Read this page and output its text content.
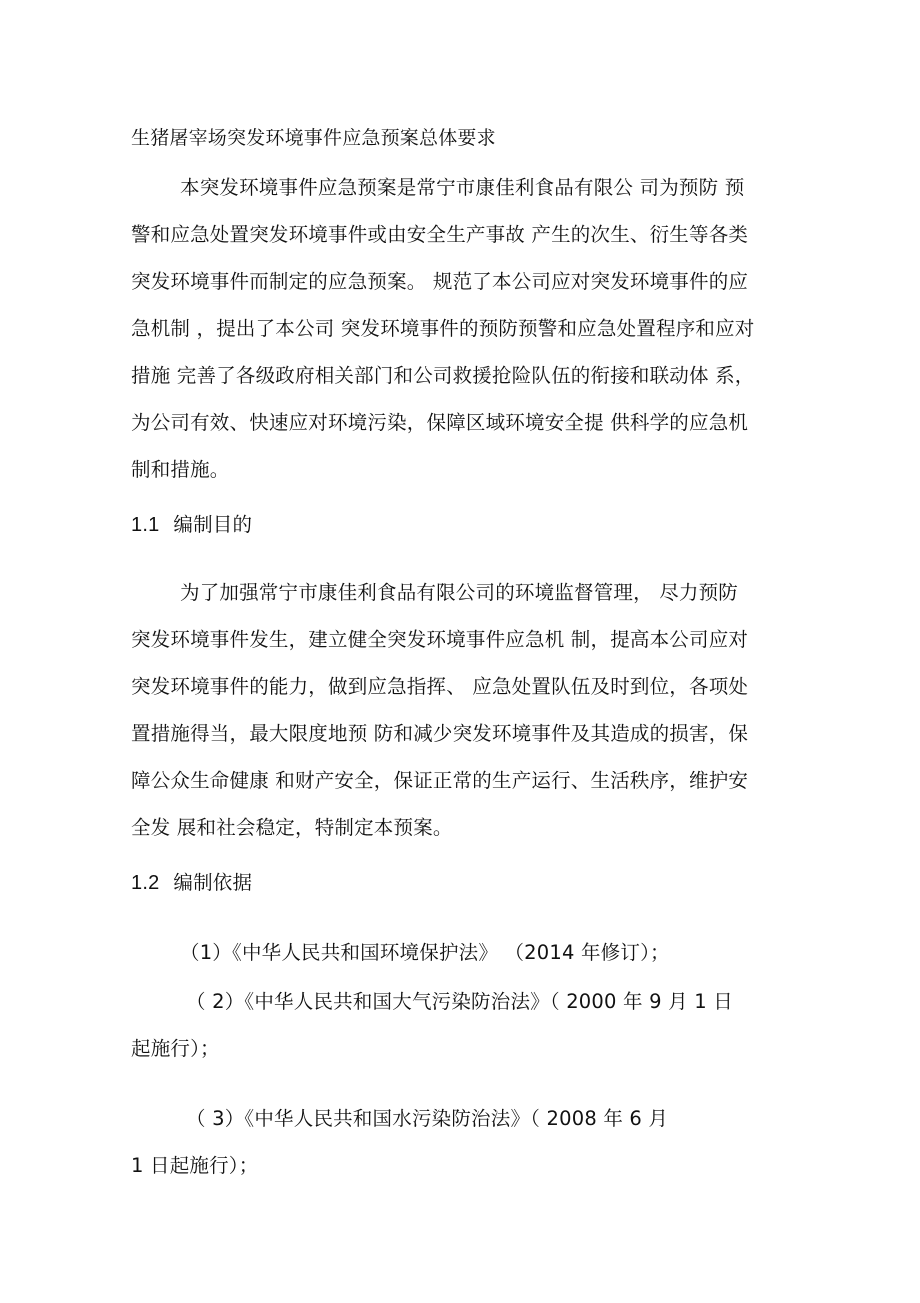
生猪屠宰场突发环境事件应急预案总体要求
本突发环境事件应急预案是常宁市康佳利食品有限公 司为预防 预
警和应急处置突发环境事件或由安全生产事故 产生的次生、衍生等各类
突发环境事件而制定的应急预案。 规范了本公司应对突发环境事件的应
急机制 ，提出了本公司 突发环境事件的预防预警和应急处置程序和应对
措施 完善了各级政府相关部门和公司救援抢险队伍的衔接和联动体 系，
为公司有效、快速应对环境污染，保障区域环境安全提 供科学的应急机
制和措施。
1.1 编制目的
为了加强常宁市康佳利食品有限公司的环境监督管理， 尽力预防
突发环境事件发生，建立健全突发环境事件应急机 制，提高本公司应对
突发环境事件的能力，做到应急指挥、 应急处置队伍及时到位，各项处
置措施得当，最大限度地预 防和减少突发环境事件及其造成的损害，保
障公众生命健康 和财产安全，保证正常的生产运行、生活秩序，维护安
全发 展和社会稳定，特制定本预案。
1.2 编制依据
（1）《中华人民共和国环境保护法》 （2014 年修订）；
（ 2）《中华人民共和国大气污染防治法》（ 2000 年 9 月 1 日
起施行）；
（ 3）《中华人民共和国水污染防治法》（ 2008 年 6 月
1 日起施行）；
